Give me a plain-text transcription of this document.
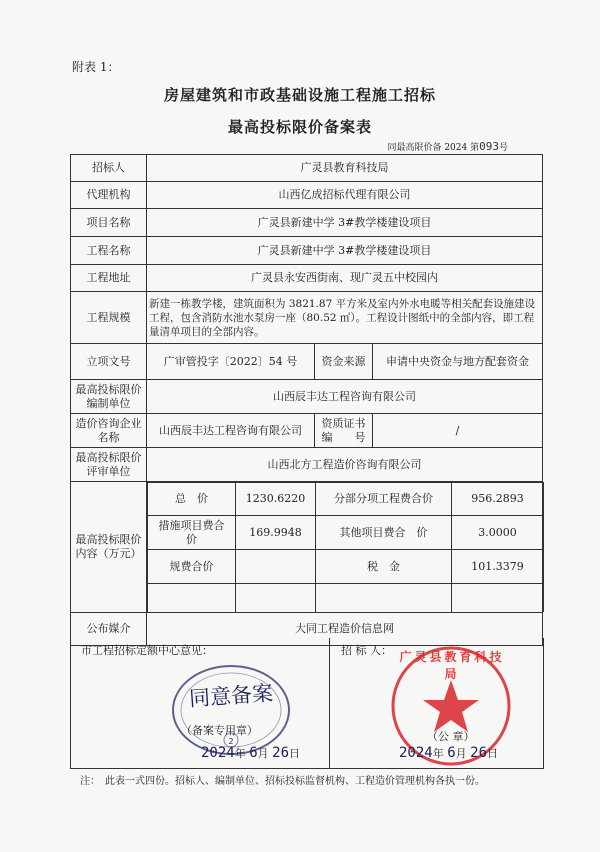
附表 1：
房屋建筑和市政基础设施工程施工招标
最高投标限价备案表
同最高限价备 2024 第093号
招标人	广灵县教育科技局
代理机构	山西亿成招标代理有限公司
项目名称	广灵县新建中学 3#教学楼建设项目
工程名称	广灵县新建中学 3#教学楼建设项目
工程地址	广灵县永安西街南、现广灵五中校园内
工程规模	新建一栋教学楼，建筑面积为 3821.87 平方米及室内外水电暖等相关配套设施建设工程，包含消防水池水泵房一座（80.52 ㎡）。工程设计图纸中的全部内容，即工程量清单项目的全部内容。
立项文号	广审管投字〔2022〕54 号	资金来源	申请中央资金与地方配套资金
最高投标限价编制单位	山西辰丰达工程咨询有限公司
造价咨询企业名称	山西辰丰达工程咨询有限公司	资质证书编　　号	/
最高投标限价评审单位	山西北方工程造价咨询有限公司
最高投标限价内容（万元）	
总　价	1230.6220	分部分项工程费合价	956.2893
措施项目费合　价	169.9948	其他项目费合　价	3.0000
规费合价		税　金	101.3379

公布媒介	大同工程造价信息网
市工程招标定额中心意见：	招 标 人：
2
同意备案
（备案专用章）
2024年 6月 26日
广灵县教育科技局
（公 章）
2024年 6月 26日
注：　此表一式四份。招标人、编制单位、招标投标监督机构、工程造价管理机构各执一份。
